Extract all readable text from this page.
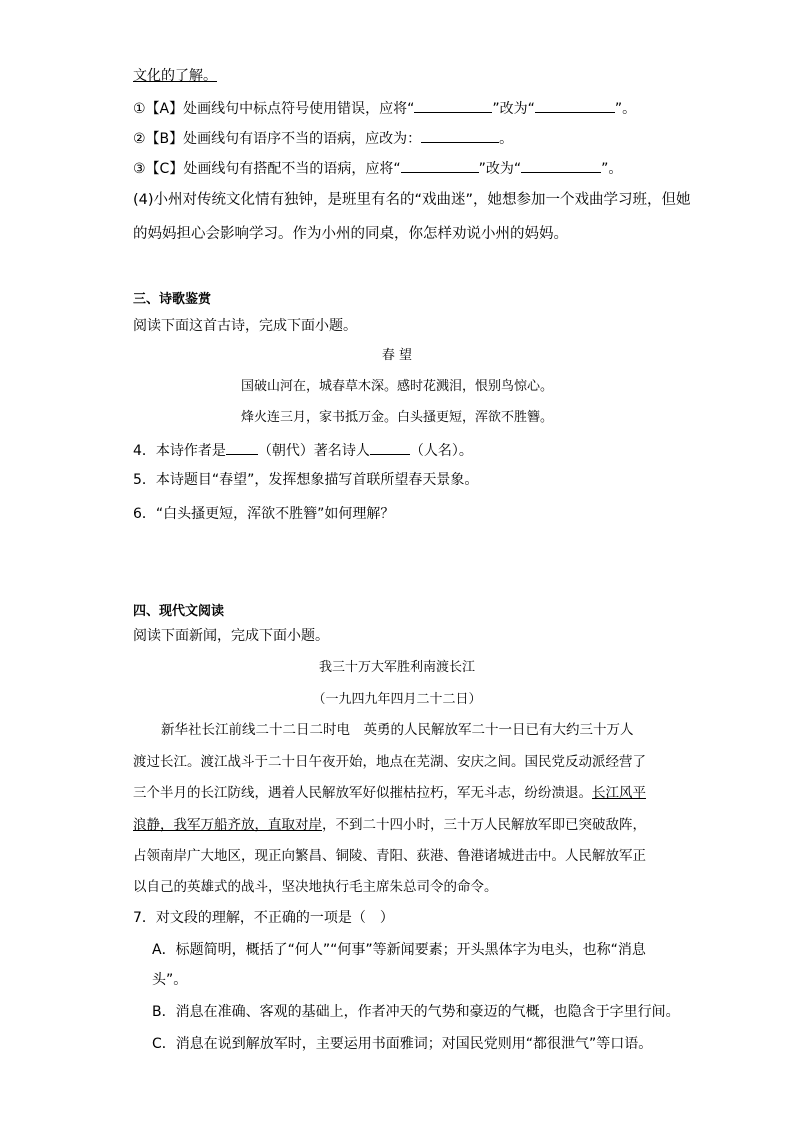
文化的了解。
①【A】处画线句中标点符号使用错误，应将“	”改为“	”。
②【B】处画线句有语序不当的语病，应改为：	。
③【C】处画线句有搭配不当的语病，应将“	”改为“	”。
(4)小州对传统文化情有独钟，是班里有名的“戏曲迷”，她想参加一个戏曲学习班，但她
的妈妈担心会影响学习。作为小州的同桌，你怎样劝说小州的妈妈。
三、诗歌鉴赏
阅读下面这首古诗，完成下面小题。
春 望
国破山河在，城春草木深。感时花溅泪，恨别鸟惊心。
烽火连三月，家书抵万金。白头搔更短，浑欲不胜簪。
4．本诗作者是 （朝代）著名诗人	（人名）。
5．本诗题目“春望”，发挥想象描写首联所望春天景象。
6．“白头搔更短，浑欲不胜簪”如何理解？
四、现代文阅读
阅读下面新闻，完成下面小题。
我三十万大军胜利南渡长江
（一九四九年四月二十二日）
新华社长江前线二十二日二时电　英勇的人民解放军二十一日已有大约三十万人
渡过长江。渡江战斗于二十日午夜开始，地点在芜湖、安庆之间。国民党反动派经营了
三个半月的长江防线，遇着人民解放军好似摧枯拉朽，军无斗志，纷纷溃退。长江风平
浪静，我军万船齐放，直取对岸，不到二十四小时，三十万人民解放军即已突破敌阵，
占领南岸广大地区，现正向繁昌、铜陵、青阳、荻港、鲁港诸城进击中。人民解放军正
以自己的英雄式的战斗，坚决地执行毛主席朱总司令的命令。
7．对文段的理解，不正确的一项是（　）
A．标题简明，概括了“何人”“何事”等新闻要素；开头黑体字为电头，也称“消息
头”。
B．消息在准确、客观的基础上，作者冲天的气势和豪迈的气概，也隐含于字里行间。
C．消息在说到解放军时，主要运用书面雅词；对国民党则用“都很泄气”等口语。
